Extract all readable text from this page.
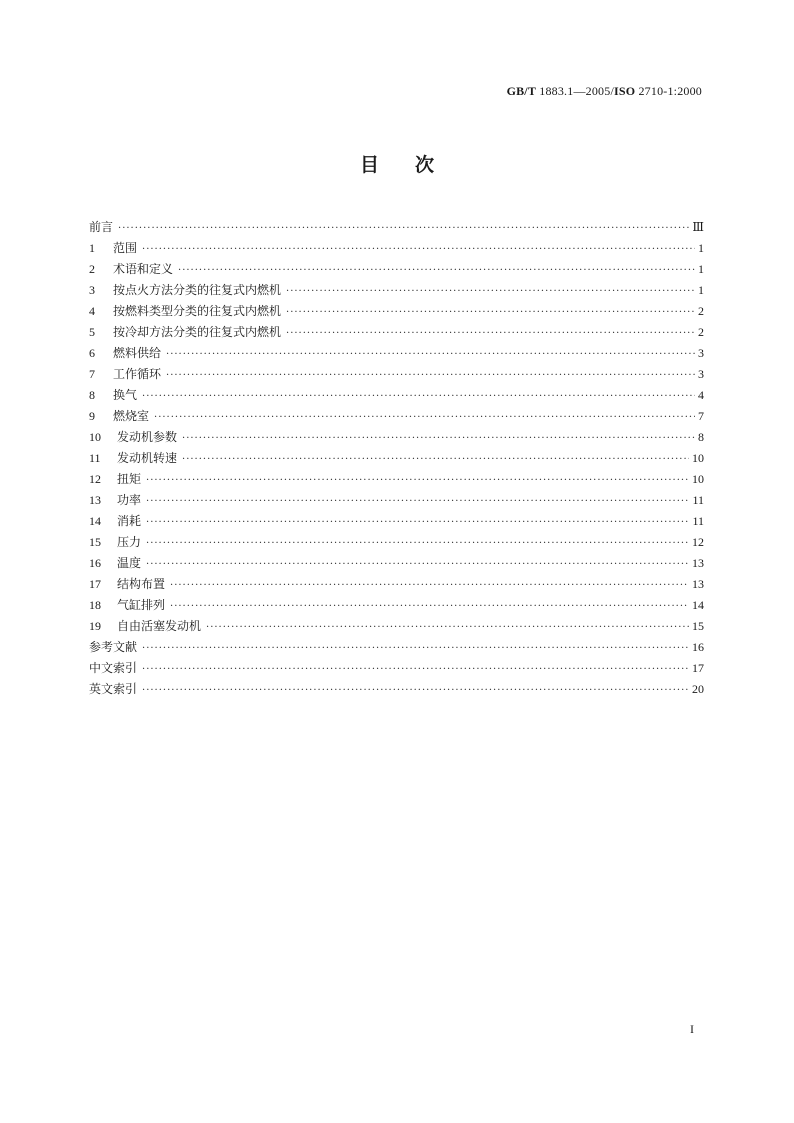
GB/T 1883.1—2005/ISO 2710-1:2000
目次
前言 ·····	Ⅲ
1	范围 ·····	1
2	术语和定义 ·····	1
3	按点火方法分类的往复式内燃机 ·····	1
4	按燃料类型分类的往复式内燃机 ·····	2
5	按冷却方法分类的往复式内燃机 ·····	2
6	燃料供给 ·····	3
7	工作循环 ·····	3
8	换气 ·····	4
9	燃烧室 ·····	7
10	发动机参数 ·····	8
11	发动机转速 ·····	10
12	扭矩 ·····	10
13	功率 ·····	11
14	消耗 ·····	11
15	压力 ·····	12
16	温度 ·····	13
17	结构布置 ·····	13
18	气缸排列 ·····	14
19	自由活塞发动机 ·····	15
参考文献 ·····	16
中文索引 ·····	17
英文索引 ·····	20
I
